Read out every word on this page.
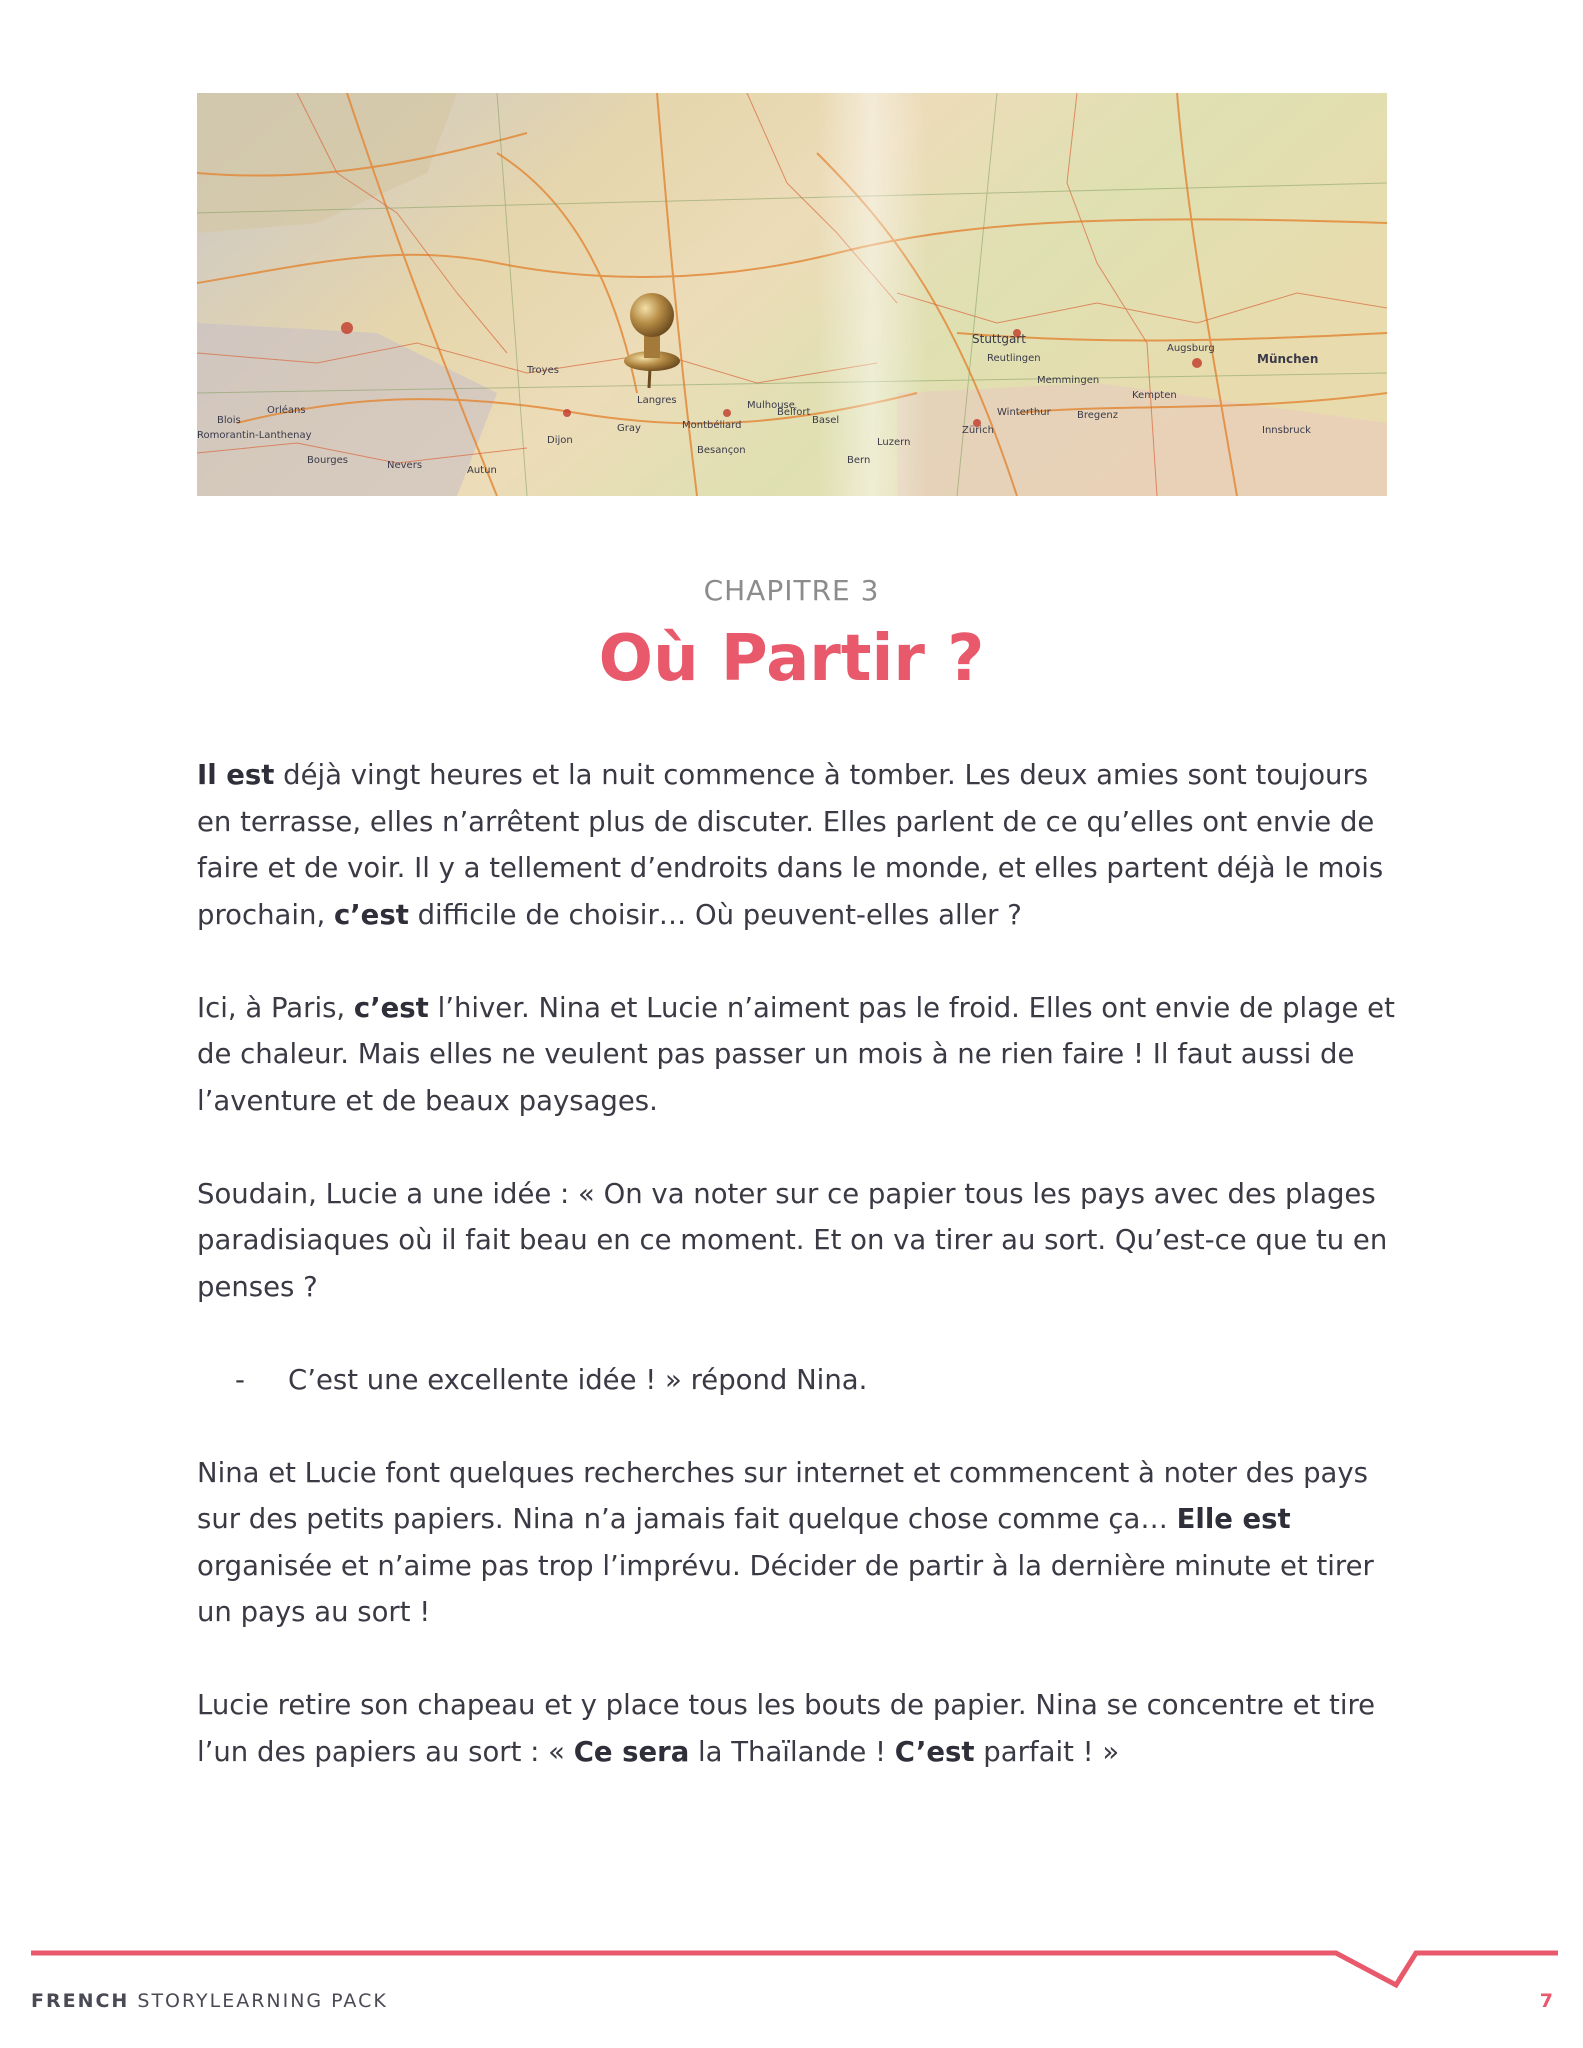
Orléans
Dijon
Troyes
Besançon
Montbéliard
Mulhouse
Basel
Bern
Luzern
Zürich
Winterthur	Bregenz
Kempten
Augsburg
München
Innsbruck
Stuttgart
Memmingen
Reutlingen
Bourges	Nevers	Autun
Belfort
Gray
Langres
Romorantin-Lanthenay
Blois
CHAPITRE 3
Où Partir ?

Il est déjà vingt heures et la nuit commence à tomber. Les deux amies sont toujours en terrasse, elles n’arrêtent plus de discuter. Elles parlent de ce qu’elles ont envie de faire et de voir. Il y a tellement d’endroits dans le monde, et elles partent déjà le mois prochain, c’est difficile de choisir… Où peuvent-elles aller ?

Ici, à Paris, c’est l’hiver. Nina et Lucie n’aiment pas le froid. Elles ont envie de plage et de chaleur. Mais elles ne veulent pas passer un mois à ne rien faire ! Il faut aussi de l’aventure et de beaux paysages.

Soudain, Lucie a une idée : « On va noter sur ce papier tous les pays avec des plages paradisiaques où il fait beau en ce moment. Et on va tirer au sort. Qu’est-ce que tu en penses ?

-	C’est une excellente idée ! » répond Nina.

Nina et Lucie font quelques recherches sur internet et commencent à noter des pays sur des petits papiers. Nina n’a jamais fait quelque chose comme ça… Elle est organisée et n’aime pas trop l’imprévu. Décider de partir à la dernière minute et tirer un pays au sort !

Lucie retire son chapeau et y place tous les bouts de papier. Nina se concentre et tire l’un des papiers au sort : « Ce sera la Thaïlande ! C’est parfait ! »

FRENCH STORYLEARNING PACK	7
